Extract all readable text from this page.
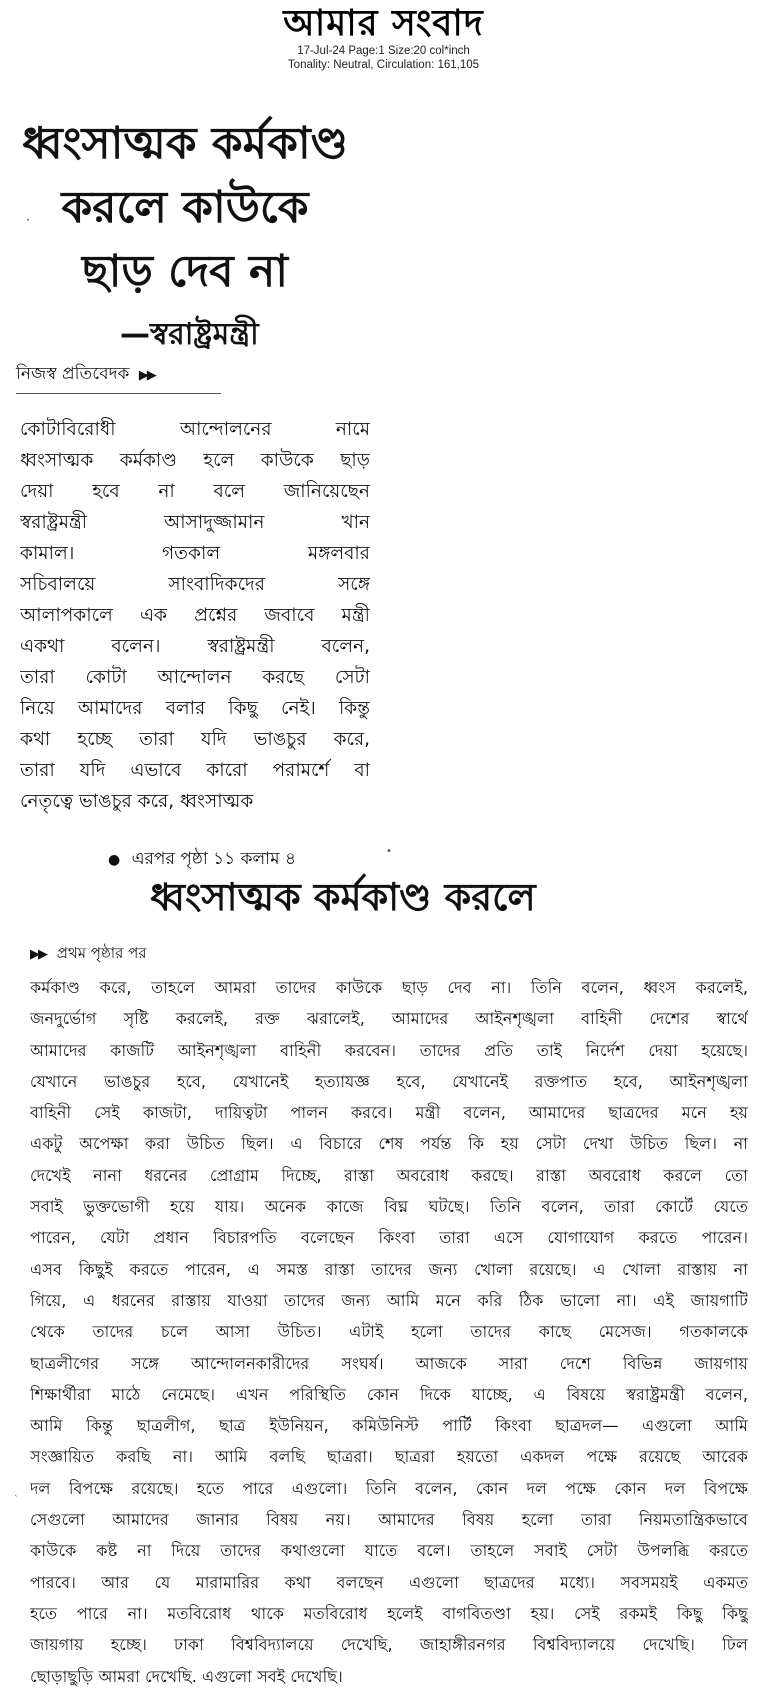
আমার সংবাদ
17-Jul-24 Page:1 Size:20 col*inch
Tonality: Neutral, Circulation: 161,105
·
ধ্বংসাত্মক কর্মকাণ্ড
করলে কাউকে
ছাড় দেব না
—স্বরাষ্ট্রমন্ত্রী
নিজস্ব প্রতিবেদক ▶▶
কোটাবিরোধী	আন্দোলনের	নামে
ধ্বংসাত্মক কর্মকাণ্ড হলে কাউকে ছাড়
দেয়া হবে না বলে জানিয়েছেন
স্বরাষ্ট্রমন্ত্রী	আসাদুজ্জামান	খান
কামাল।	গতকাল	মঙ্গলবার
সচিবালয়ে	সাংবাদিকদের	সঙ্গে
আলাপকালে এক প্রশ্নের জবাবে মন্ত্রী
একথা	বলেন।	স্বরাষ্ট্রমন্ত্রী	বলেন,
তারা কোটা আন্দোলন করছে সেটা
নিয়ে আমাদের বলার কিছু নেই। কিন্তু
কথা হচ্ছে তারা যদি ভাঙচুর করে,
তারা যদি এভাবে কারো পরামর্শে বা
নেতৃত্বে ভাঙচুর করে, ধ্বংসাত্মক
● এরপর পৃষ্ঠা ১১ কলাম ৪	•
ধ্বংসাত্মক কর্মকাণ্ড করলে
▶▶ প্রথম পৃষ্ঠার পর
কর্মকাণ্ড করে, তাহলে আমরা তাদের কাউকে ছাড় দেব না। তিনি বলেন, ধ্বংস করলেই,
জনদুর্ভোগ সৃষ্টি করলেই, রক্ত ঝরালেই, আমাদের আইনশৃঙ্খলা বাহিনী দেশের স্বার্থে
আমাদের কাজটি আইনশৃঙ্খলা বাহিনী করবেন। তাদের প্রতি তাই নির্দেশ দেয়া হয়েছে।
যেখানে ভাঙচুর হবে, যেখানেই হত্যাযজ্ঞ হবে, যেখানেই রক্তপাত হবে, আইনশৃঙ্খলা
বাহিনী সেই কাজটা, দায়িত্বটা পালন করবে। মন্ত্রী বলেন, আমাদের ছাত্রদের মনে হয়
একটু অপেক্ষা করা উচিত ছিল। এ বিচারে শেষ পর্যন্ত কি হয় সেটা দেখা উচিত ছিল। না
দেখেই নানা ধরনের প্রোগ্রাম দিচ্ছে, রাস্তা অবরোধ করছে। রাস্তা অবরোধ করলে তো
সবাই ভুক্তভোগী হয়ে যায়। অনেক কাজে বিঘ্ন ঘটছে। তিনি বলেন, তারা কোর্টে যেতে
পারেন, যেটা প্রধান বিচারপতি বলেছেন কিংবা তারা এসে যোগাযোগ করতে পারেন।
এসব কিছুই করতে পারেন, এ সমস্ত রাস্তা তাদের জন্য খোলা রয়েছে। এ খোলা রাস্তায় না
গিয়ে, এ ধরনের রাস্তায় যাওয়া তাদের জন্য আমি মনে করি ঠিক ভালো না। এই জায়গাটি
থেকে তাদের চলে আসা উচিত। এটাই হলো তাদের কাছে মেসেজ। গতকালকে
ছাত্রলীগের সঙ্গে আন্দোলনকারীদের সংঘর্ষ। আজকে সারা দেশে বিভিন্ন জায়গায়
শিক্ষার্থীরা মাঠে নেমেছে। এখন পরিস্থিতি কোন দিকে যাচ্ছে, এ বিষয়ে স্বরাষ্ট্রমন্ত্রী বলেন,
আমি কিন্তু ছাত্রলীগ, ছাত্র ইউনিয়ন, কমিউনিস্ট পার্টি কিংবা ছাত্রদল— এগুলো আমি
সংজ্ঞায়িত করছি না। আমি বলছি ছাত্ররা। ছাত্ররা হয়তো একদল পক্ষে রয়েছে আরেক
দল বিপক্ষে রয়েছে। হতে পারে এগুলো। তিনি বলেন, কোন দল পক্ষে কোন দল বিপক্ষে
সেগুলো আমাদের জানার বিষয় নয়। আমাদের বিষয় হলো তারা নিয়মতান্ত্রিকভাবে
কাউকে কষ্ট না দিয়ে তাদের কথাগুলো যাতে বলে। তাহলে সবাই সেটা উপলব্ধি করতে
পারবে। আর যে মারামারির কথা বলছেন এগুলো ছাত্রদের মধ্যে। সবসময়ই একমত
হতে পারে না। মতবিরোধ থাকে মতবিরোধ হলেই বাগবিতণ্ডা হয়। সেই রকমই কিছু কিছু
জায়গায় হচ্ছে। ঢাকা বিশ্ববিদ্যালয়ে দেখেছি, জাহাঙ্গীরনগর বিশ্ববিদ্যালয়ে দেখেছি। ঢিল
ছোড়াছুড়ি আমরা দেখেছি. এগুলো সবই দেখেছি।
`
